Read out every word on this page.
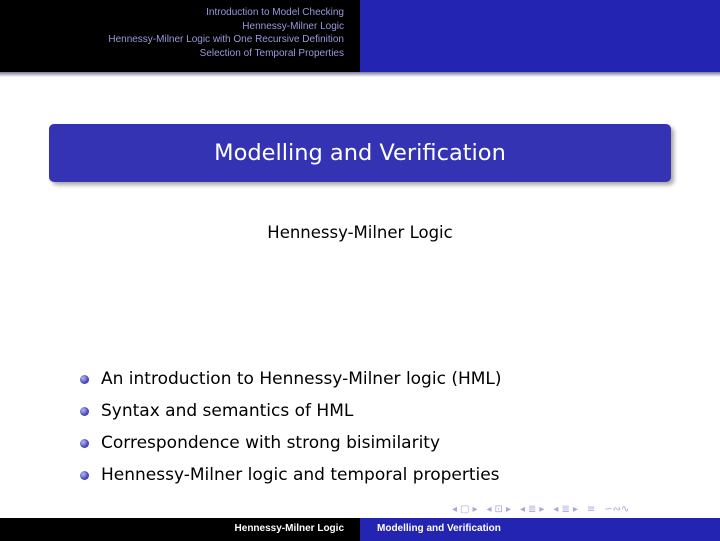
Introduction to Model Checking
Hennessy-Milner Logic
Hennessy-Milner Logic with One Recursive Definition
Selection of Temporal Properties
Modelling and Verification
Hennessy-Milner Logic
An introduction to Hennessy-Milner logic (HML)
Syntax and semantics of HML
Correspondence with strong bisimilarity
Hennessy-Milner logic and temporal properties
◂ ▢ ▸ ◂ ⊡ ▸ ◂ ≣ ▸ ◂ ≣ ▸ ≡ ∽∾∿
Hennessy-Milner Logic	Modelling and Verification
